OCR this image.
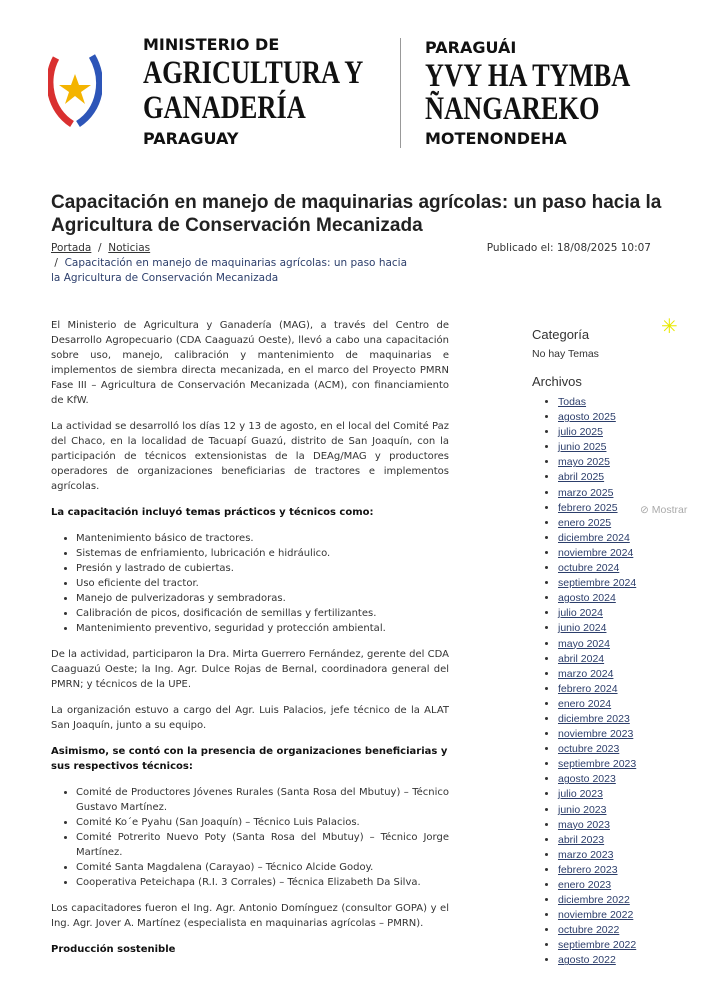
MINISTERIO DE
AGRICULTURA Y
GANADERÍA
PARAGUAY
PARAGUÁI
YVY HA TYMBA
ÑANGAREKO
MOTENONDEHA
Capacitación en manejo de maquinarias agrícolas: un paso hacia la Agricultura de Conservación Mecanizada
Portada  /  Noticias
/  Capacitación en manejo de maquinarias agrícolas: un paso hacia la Agricultura de Conservación Mecanizada
Publicado el: 18/08/2025 10:07

El Ministerio de Agricultura y Ganadería (MAG), a través del Centro de Desarrollo Agropecuario (CDA Caaguazú Oeste), llevó a cabo una capacitación sobre uso, manejo, calibración y mantenimiento de maquinarias e implementos de siembra directa mecanizada, en el marco del Proyecto PMRN Fase III – Agricultura de Conservación Mecanizada (ACM), con financiamiento de KfW.

La actividad se desarrolló los días 12 y 13 de agosto, en el local del Comité Paz del Chaco, en la localidad de Tacuapí Guazú, distrito de San Joaquín, con la participación de técnicos extensionistas de la DEAg/MAG y productores operadores de organizaciones beneficiarias de tractores e implementos agrícolas.

La capacitación incluyó temas prácticos y técnicos como:
• Mantenimiento básico de tractores.
• Sistemas de enfriamiento, lubricación e hidráulico.
• Presión y lastrado de cubiertas.
• Uso eficiente del tractor.
• Manejo de pulverizadoras y sembradoras.
• Calibración de picos, dosificación de semillas y fertilizantes.
• Mantenimiento preventivo, seguridad y protección ambiental.

De la actividad, participaron la Dra. Mirta Guerrero Fernández, gerente del CDA Caaguazú Oeste; la Ing. Agr. Dulce Rojas de Bernal, coordinadora general del PMRN; y técnicos de la UPE.

La organización estuvo a cargo del Agr. Luis Palacios, jefe técnico de la ALAT San Joaquín, junto a su equipo.

Asimismo, se contó con la presencia de organizaciones beneficiarias y sus respectivos técnicos:
• Comité de Productores Jóvenes Rurales (Santa Rosa del Mbutuy) – Técnico Gustavo Martínez.
• Comité Ko´e Pyahu (San Joaquín) – Técnico Luis Palacios.
• Comité Potrerito Nuevo Poty (Santa Rosa del Mbutuy) – Técnico Jorge Martínez.
• Comité Santa Magdalena (Carayao) – Técnico Alcide Godoy.
• Cooperativa Peteichapa (R.I. 3 Corrales) – Técnica Elizabeth Da Silva.

Los capacitadores fueron el Ing. Agr. Antonio Domínguez (consultor GOPA) y el Ing. Agr. Jover A. Martínez (especialista en maquinarias agrícolas – PMRN).

Producción sostenible
✳
Categoría
No hay Temas
Archivos
• Todas
• agosto 2025
• julio 2025
• junio 2025
• mayo 2025
• abril 2025
• marzo 2025
• febrero 2025
• enero 2025
• diciembre 2024
• noviembre 2024
• octubre 2024
• septiembre 2024
• agosto 2024
• julio 2024
• junio 2024
• mayo 2024
• abril 2024
• marzo 2024
• febrero 2024
• enero 2024
• diciembre 2023
• noviembre 2023
• octubre 2023
• septiembre 2023
• agosto 2023
• julio 2023
• junio 2023
• mayo 2023
• abril 2023
• marzo 2023
• febrero 2023
• enero 2023
• diciembre 2022
• noviembre 2022
• octubre 2022
• septiembre 2022
• agosto 2022
⊘ Mostrar
